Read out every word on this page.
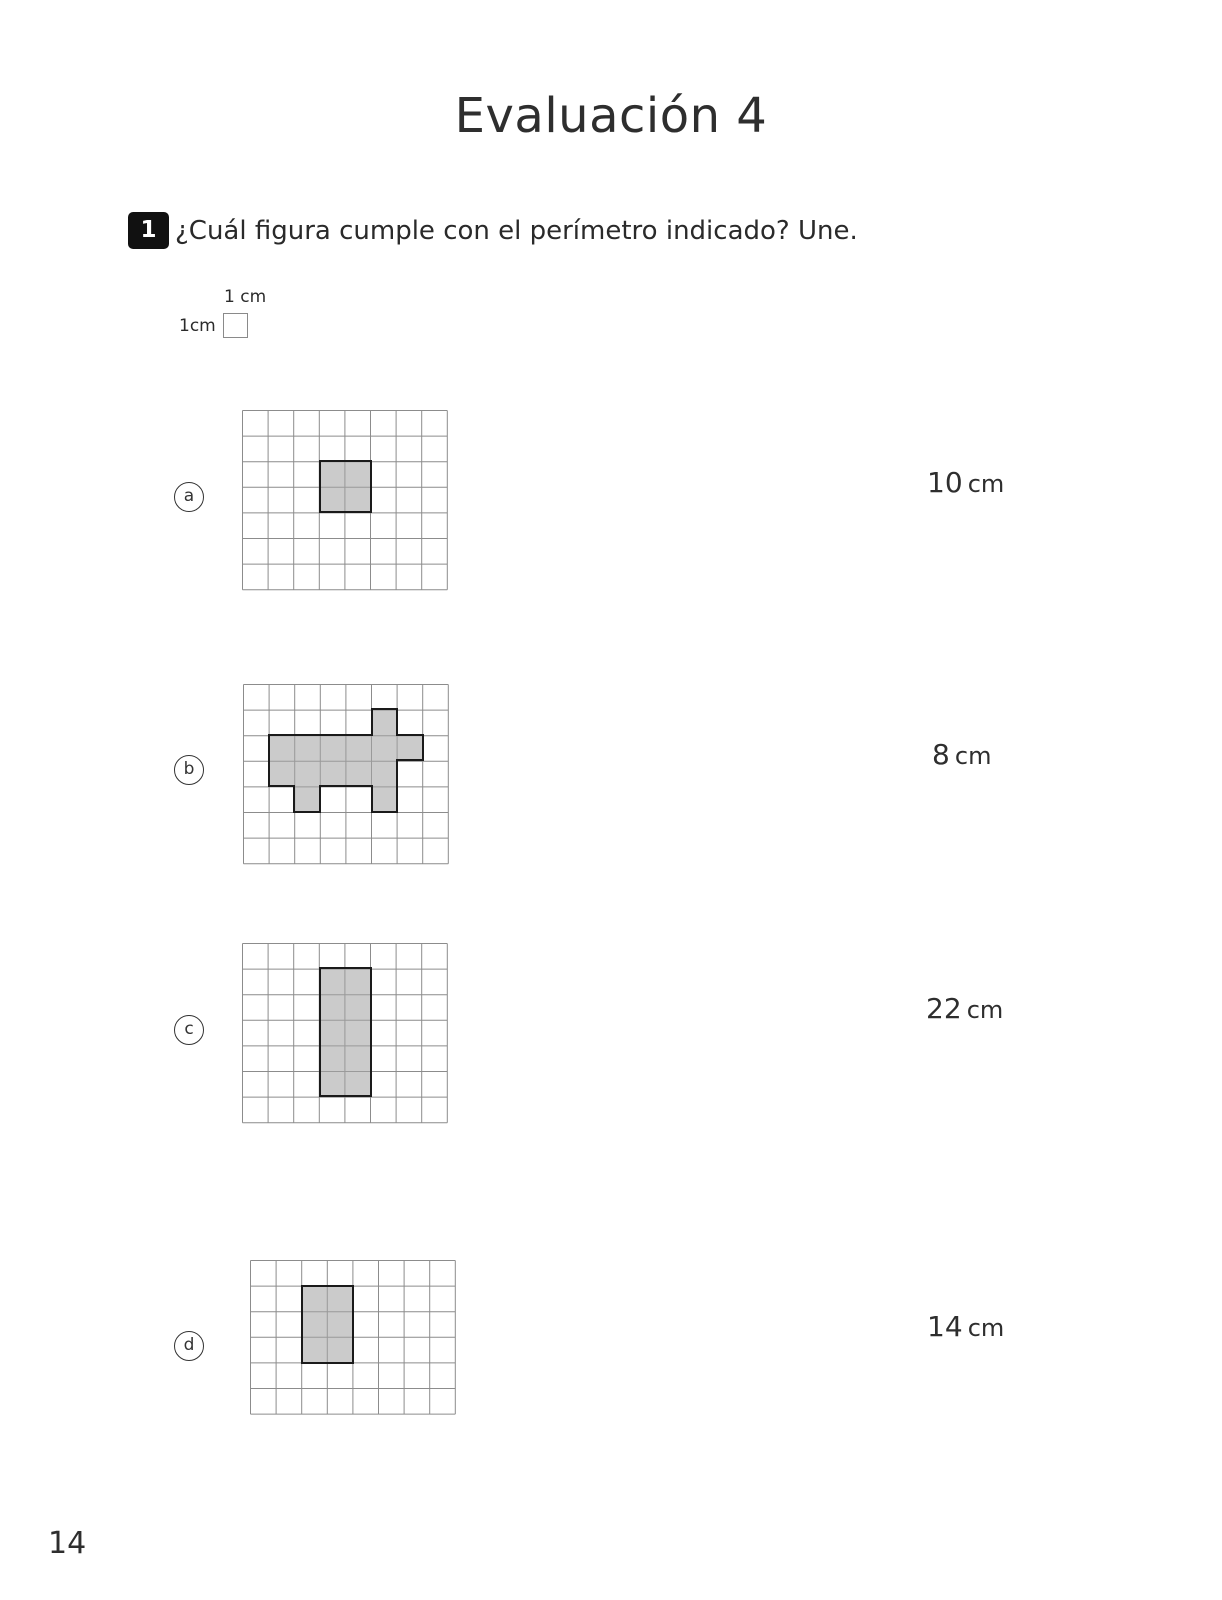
Evaluación 4
1 ¿Cuál figura cumple con el perímetro indicado? Une.
1 cm
1cm
a
b
c
d
10 cm
8 cm
22 cm
14 cm
14
